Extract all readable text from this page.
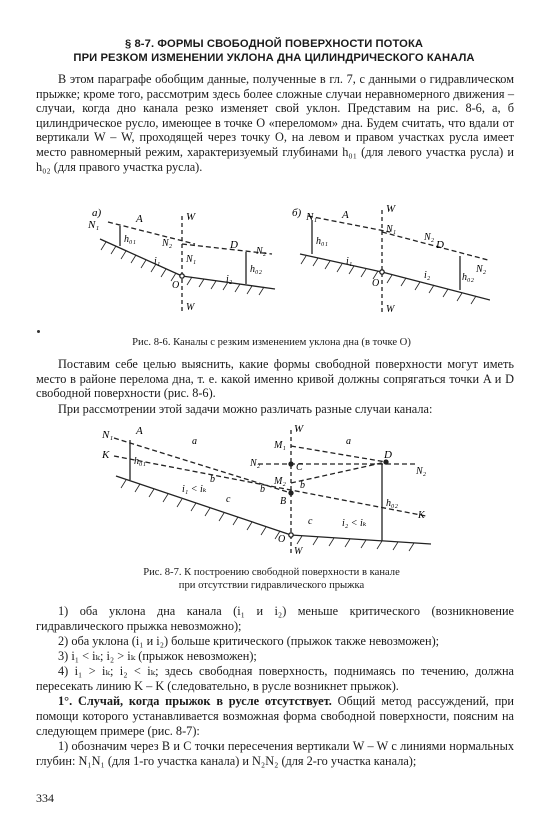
§ 8-7. ФОРМЫ СВОБОДНОЙ ПОВЕРХНОСТИ ПОТОКА
ПРИ РЕЗКОМ ИЗМЕНЕНИИ УКЛОНА ДНА ЦИЛИНДРИЧЕСКОГО КАНАЛА

В этом параграфе обобщим данные, полученные в гл. 7, с данными о гидравлическом прыжке; кроме того, рассмотрим здесь более сложные случаи неравномерного движения – случаи, когда дно канала резко изменяет свой уклон. Представим на рис. 8-6, а, б цилиндрическое русло, имеющее в точке O «переломом» дна. Будем считать, что вдали от вертикали W – W, проходящей через точку O, на левом и правом участках русла имеет место равномерный режим, характеризуемый глубинами h₀₁ (для левого участка русла) и h₀₂ (для правого участка русла).

a)
N₁	A
h₀₁
W
N₂	D
N₁
N₂
h₀₂
i₁
i₂
O
W
б) N₁ A
h₀₁
W
N₁
D
N₂
N₂
h₀₂
i₁
i₂
O
W
Рис. 8-6. Каналы с резким изменением уклона дна (в точке O)

Поставим себе целью выяснить, какие формы свободной поверхности могут иметь место в районе перелома дна, т. е. какой именно кривой должны сопрягаться точки A и D свободной поверхности (рис. 8-6).

При рассмотрении этой задачи можно различать разные случаи канала:

N₁ A
K
h₀₁
a
W
M₁	a
N₂	C
D
N₂
M₂
b
b
B
c
b
i₁ < iₖ
h₀₂
c	i₂ < iₖ
K
O
W
Рис. 8-7. К построению свободной поверхности в канале
при отсутствии гидравлического прыжка

1) оба уклона дна канала (i₁ и i₂) меньше критического (возникновение гидравлического прыжка невозможно);

2) оба уклона (i₁ и i₂) больше критического (прыжок также невозможен);

3) i₁ < iₖ; i₂ > iₖ (прыжок невозможен);

4) i₁ > iₖ; i₂ < iₖ; здесь свободная поверхность, поднимаясь по течению, должна пересекать линию K – K (следовательно, в русле возникнет прыжок).

1°. Случай, когда прыжок в русле отсутствует. Общий метод рассуждений, при помощи которого устанавливается возможная форма свободной поверхности, поясним на следующем примере (рис. 8-7):

1) обозначим через B и C точки пересечения вертикали W – W с линиями нормальных глубин: N₁N₁ (для 1-го участка канала) и N₂N₂ (для 2-го участка канала);

334
